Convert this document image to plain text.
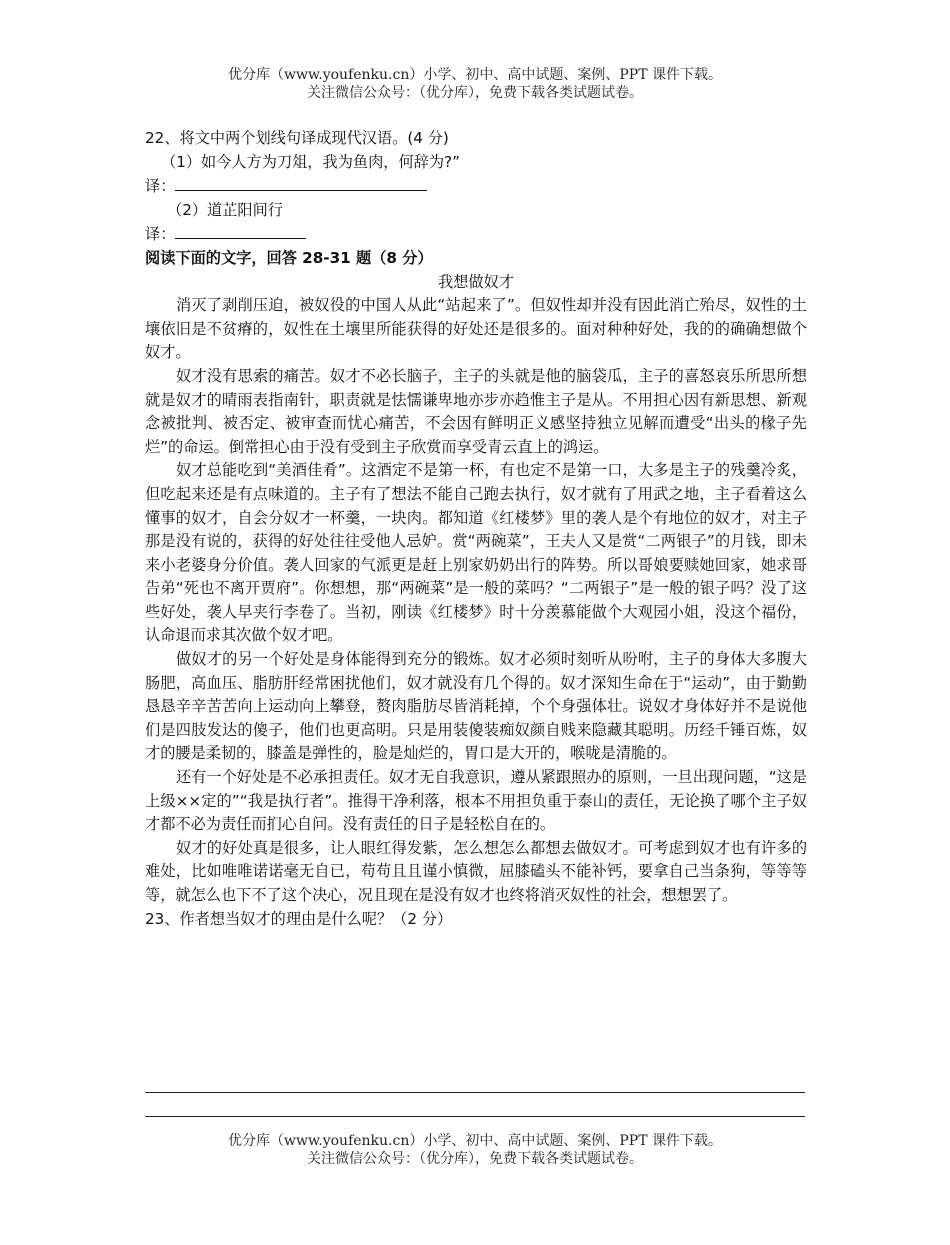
优分库（www.youfenku.cn）小学、初中、高中试题、案例、PPT 课件下载。
关注微信公众号：（优分库），免费下载各类试题试卷。
22、将文中两个划线句译成现代汉语。(4 分)
（1）如今人方为刀俎，我为鱼肉，何辞为?”
译：
（2）道芷阳间行
译：
阅读下面的文字，回答 28-31 题（8 分）
我想做奴才

消灭了剥削压迫，被奴役的中国人从此“站起来了”。但奴性却并没有因此消亡殆尽，奴性的土壤依旧是不贫瘠的，奴性在土壤里所能获得的好处还是很多的。面对种种好处，我的的确确想做个奴才。

奴才没有思索的痛苦。奴才不必长脑子，主子的头就是他的脑袋瓜，主子的喜怒哀乐所思所想就是奴才的晴雨表指南针，职责就是怯懦谦卑地亦步亦趋惟主子是从。不用担心因有新思想、新观念被批判、被否定、被审查而忧心痛苦，不会因有鲜明正义感坚持独立见解而遭受“出头的椽子先烂”的命运。倒常担心由于没有受到主子欣赏而享受青云直上的鸿运。

奴才总能吃到“美酒佳肴”。这酒定不是第一杯，有也定不是第一口，大多是主子的残羹冷炙，但吃起来还是有点味道的。主子有了想法不能自己跑去执行，奴才就有了用武之地，主子看着这么懂事的奴才，自会分奴才一杯羹，一块肉。都知道《红楼梦》里的袭人是个有地位的奴才，对主子那是没有说的，获得的好处往往受他人忌妒。赏“两碗菜”，王夫人又是赏“二两银子”的月钱，即未来小老婆身分价值。袭人回家的气派更是赶上别家奶奶出行的阵势。所以哥娘要赎她回家，她求哥告弟“死也不离开贾府”。你想想，那“两碗菜”是一般的菜吗？“二两银子”是一般的银子吗？没了这些好处，袭人早夹行李卷了。当初，刚读《红楼梦》时十分羡慕能做个大观园小姐，没这个福份，认命退而求其次做个奴才吧。

做奴才的另一个好处是身体能得到充分的锻炼。奴才必须时刻听从吩咐，主子的身体大多腹大肠肥，高血压、脂肪肝经常困扰他们，奴才就没有几个得的。奴才深知生命在于“运动”，由于勤勤恳恳辛辛苦苦向上运动向上攀登，赘肉脂肪尽皆消耗掉，个个身强体壮。说奴才身体好并不是说他们是四肢发达的傻子，他们也更高明。只是用装傻装痴奴颜自贱来隐藏其聪明。历经千锤百炼，奴才的腰是柔韧的，膝盖是弹性的，脸是灿烂的，胃口是大开的，喉咙是清脆的。

还有一个好处是不必承担责任。奴才无自我意识，遵从紧跟照办的原则，一旦出现问题，“这是上级××定的”“我是执行者”。推得干净利落，根本不用担负重于泰山的责任，无论换了哪个主子奴才都不必为责任而扪心自问。没有责任的日子是轻松自在的。

奴才的好处真是很多，让人眼红得发紫，怎么想怎么都想去做奴才。可考虑到奴才也有许多的难处，比如唯唯诺诺毫无自已，苟苟且且谨小慎微，屈膝磕头不能补钙，要拿自己当条狗，等等等等，就怎么也下不了这个决心，况且现在是没有奴才也终将消灭奴性的社会，想想罢了。

23、作者想当奴才的理由是什么呢？（2 分）
优分库（www.youfenku.cn）小学、初中、高中试题、案例、PPT 课件下载。
关注微信公众号：（优分库），免费下载各类试题试卷。
